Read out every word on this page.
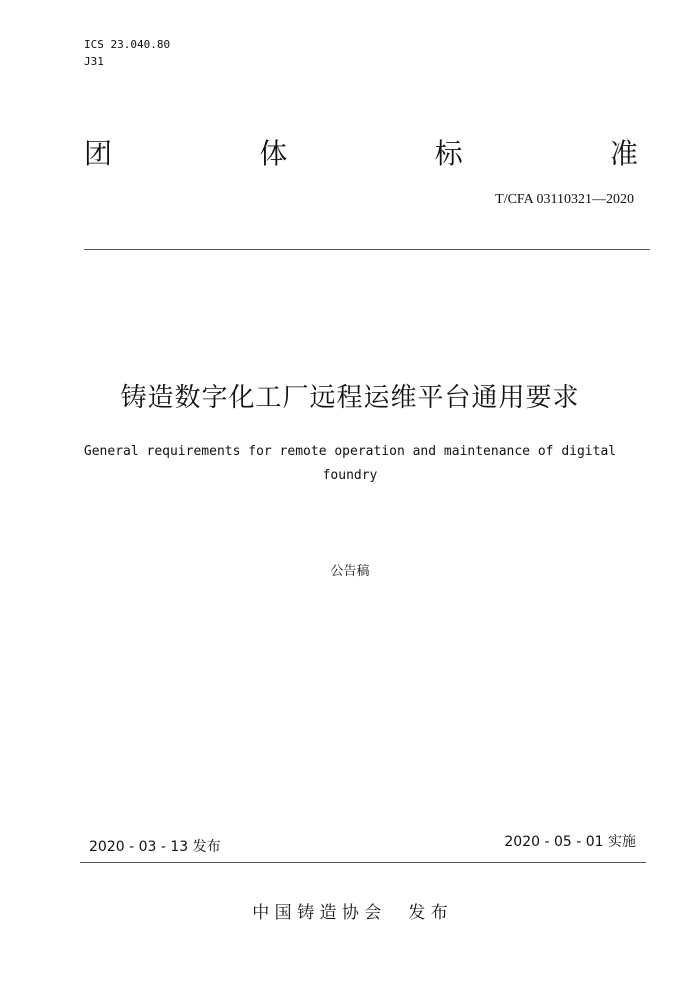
ICS 23.040.80
J31
团	体	标	准
T/CFA 03110321—2020
铸造数字化工厂远程运维平台通用要求
General requirements for remote operation and maintenance of digital foundry
公告稿
2020 - 03 - 13 发布	2020 - 05 - 01 实施
中 国 铸 造 协 会     发 布
